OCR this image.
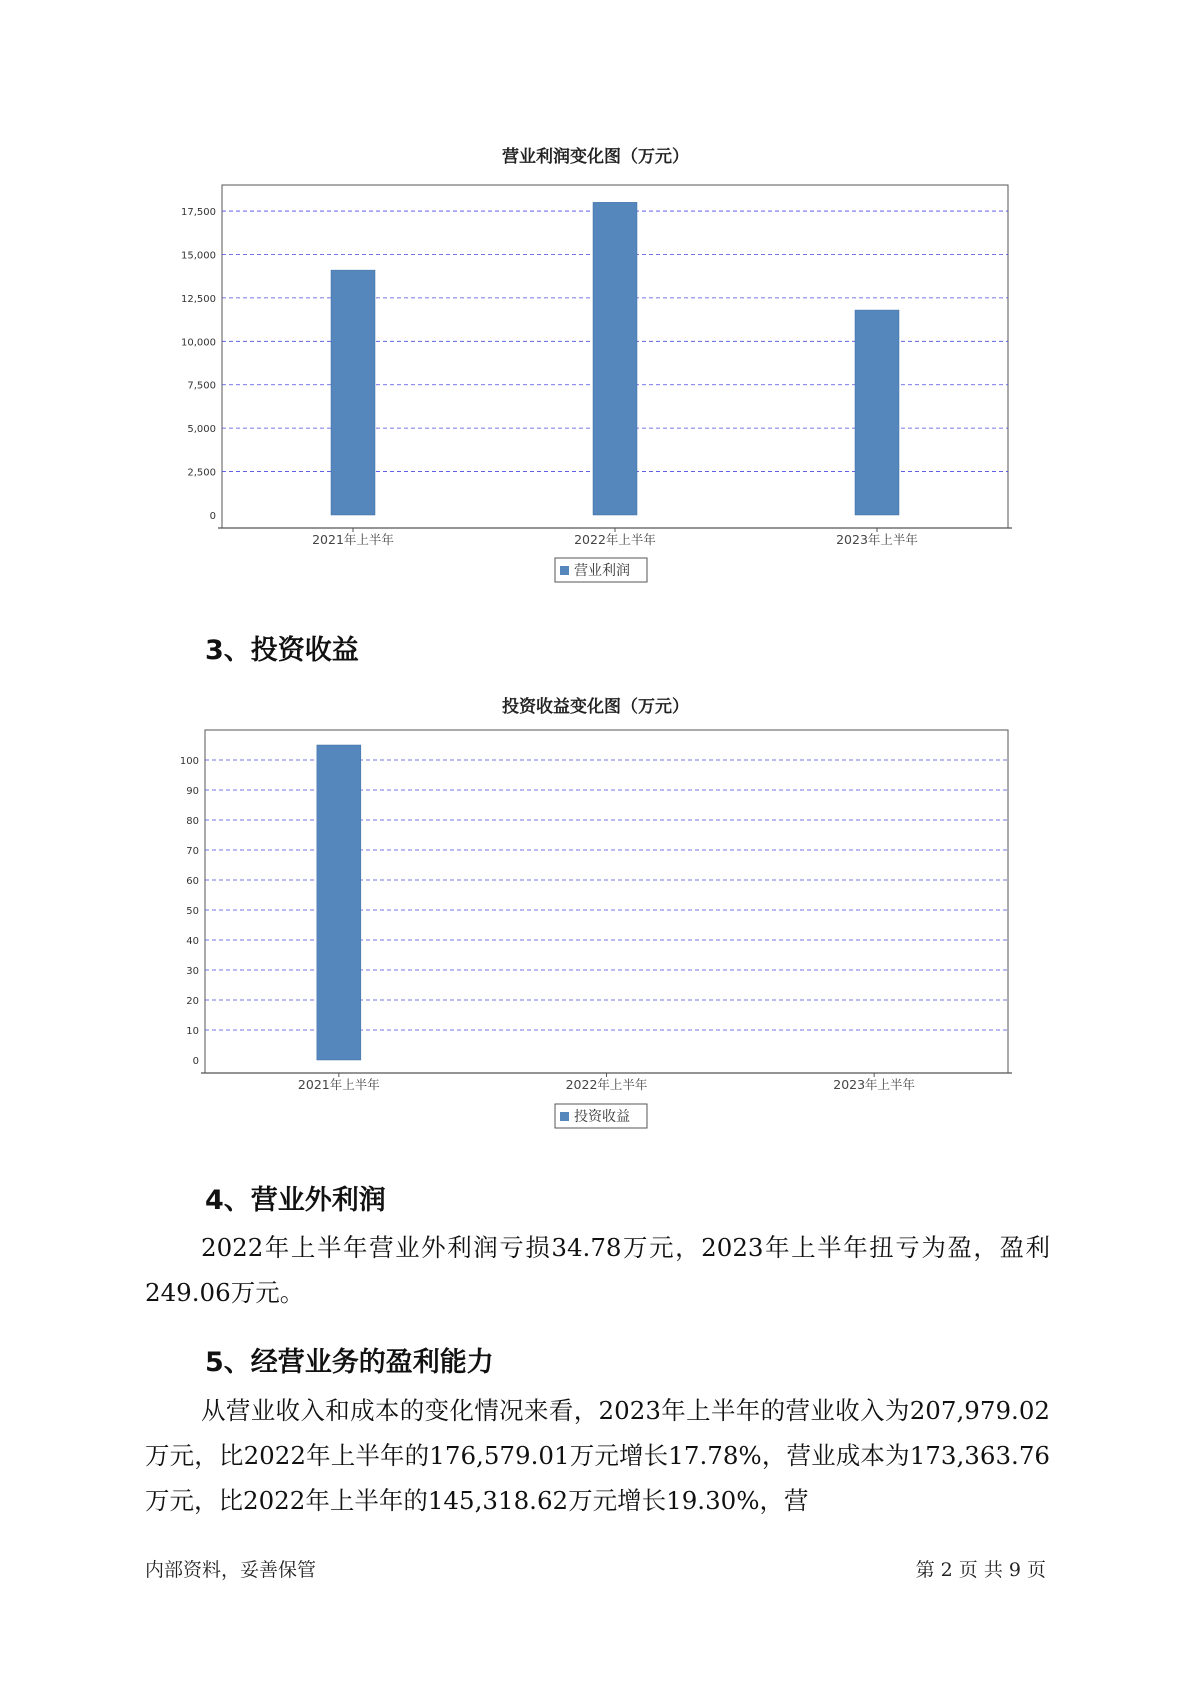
营业利润变化图（万元）
0
2,500
5,000
7,500
10,000
12,500
15,000
17,500
2021年上半年	2022年上半年	2023年上半年
营业利润
3、投资收益
投资收益变化图（万元）
0
10
20
30
40
50
60
70
80
90
100
2021年上半年	2022年上半年	2023年上半年
投资收益
4、营业外利润

2022年上半年营业外利润亏损34.78万元，2023年上半年扭亏为盈，盈利249.06万元。

5、经营业务的盈利能力

从营业收入和成本的变化情况来看，2023年上半年的营业收入为207,979.02万元，比2022年上半年的176,579.01万元增长17.78%，营业成本为173,363.76万元，比2022年上半年的145,318.62万元增长19.30%，营

内部资料，妥善保管	第 2 页 共 9 页
